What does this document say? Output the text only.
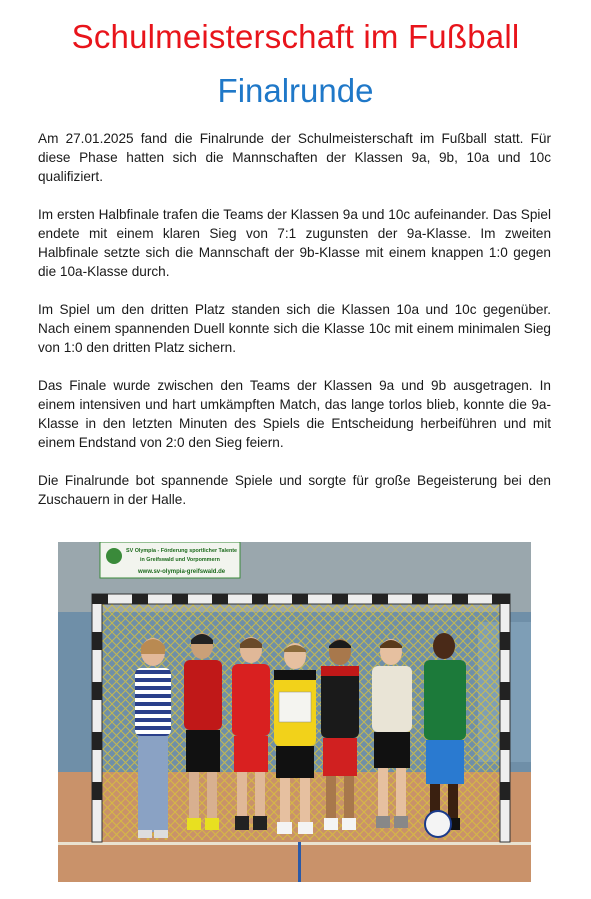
Schulmeisterschaft im Fußball
Finalrunde

Am 27.01.2025 fand die Finalrunde der Schulmeisterschaft im Fußball statt. Für diese Phase hatten sich die Mannschaften der Klassen 9a, 9b, 10a und 10c qualifiziert.

Im ersten Halbfinale trafen die Teams der Klassen 9a und 10c aufeinander. Das Spiel endete mit einem klaren Sieg von 7:1 zugunsten der 9a-Klasse. Im zweiten Halbfinale setzte sich die Mannschaft der 9b-Klasse mit einem knappen 1:0 gegen die 10a-Klasse durch.

Im Spiel um den dritten Platz standen sich die Klassen 10a und 10c gegenüber. Nach einem spannenden Duell konnte sich die Klasse 10c mit einem minimalen Sieg von 1:0 den dritten Platz sichern.

Das Finale wurde zwischen den Teams der Klassen 9a und 9b ausgetragen. In einem intensiven und hart umkämpften Match, das lange torlos blieb, konnte die 9a-Klasse in den letzten Minuten des Spiels die Entscheidung herbeiführen und mit einem Endstand von 2:0 den Sieg feiern.

Die Finalrunde bot spannende Spiele und sorgte für große Begeisterung bei den Zuschauern in der Halle.

SV Olympia - Förderung sportlicher Talente
in Greifswald und Vorpommern
www.sv-olympia-greifswald.de
